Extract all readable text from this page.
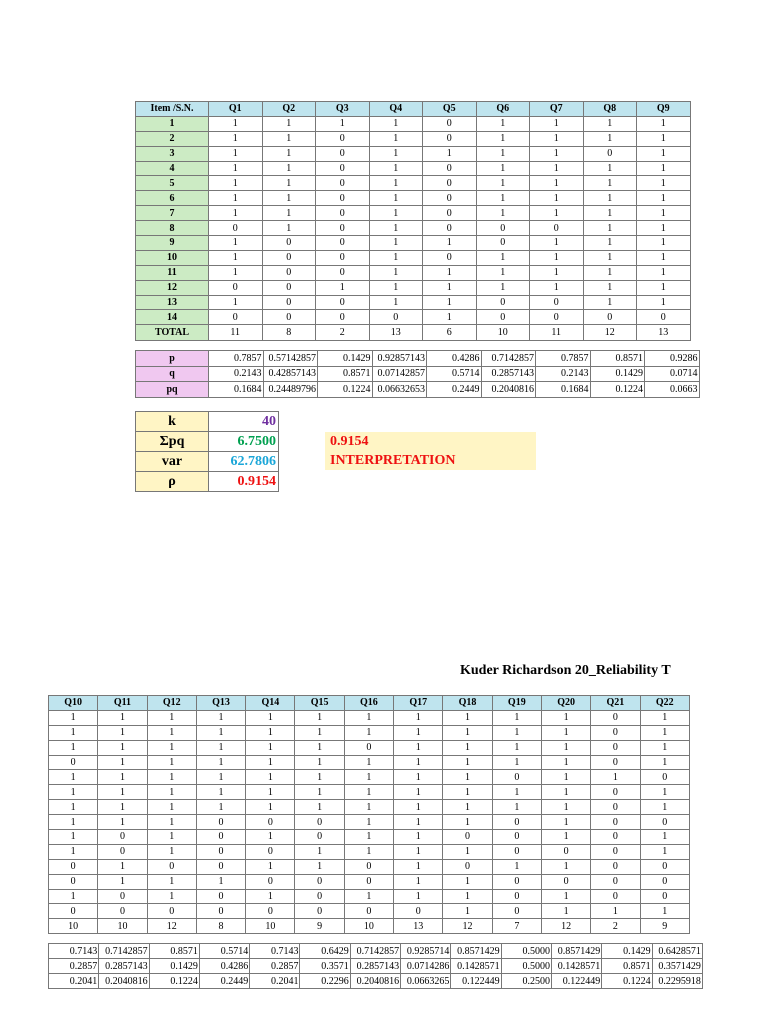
Item /S.N.	Q1	Q2	Q3	Q4	Q5	Q6	Q7	Q8	Q9
1	1	1	1	1	0	1	1	1	1
2	1	1	0	1	0	1	1	1	1
3	1	1	0	1	1	1	1	0	1
4	1	1	0	1	0	1	1	1	1
5	1	1	0	1	0	1	1	1	1
6	1	1	0	1	0	1	1	1	1
7	1	1	0	1	0	1	1	1	1
8	0	1	0	1	0	0	0	1	1
9	1	0	0	1	1	0	1	1	1
10	1	0	0	1	0	1	1	1	1
11	1	0	0	1	1	1	1	1	1
12	0	0	1	1	1	1	1	1	1
13	1	0	0	1	1	0	0	1	1
14	0	0	0	0	1	0	0	0	0
TOTAL	11	8	2	13	6	10	11	12	13
p	0.7857	0.57142857	0.1429	0.92857143	0.4286	0.7142857	0.7857	0.8571	0.9286
q	0.2143	0.42857143	0.8571	0.07142857	0.5714	0.2857143	0.2143	0.1429	0.0714
pq	0.1684	0.24489796	0.1224	0.06632653	0.2449	0.2040816	0.1684	0.1224	0.0663
k	40
Σpq	6.7500
var	62.7806
ρ	0.9154
0.9154
INTERPRETATION
Kuder Richardson 20_Reliability T
Q10	Q11	Q12	Q13	Q14	Q15	Q16	Q17	Q18	Q19	Q20	Q21	Q22
1	1	1	1	1	1	1	1	1	1	1	0	1
1	1	1	1	1	1	1	1	1	1	1	0	1
1	1	1	1	1	1	0	1	1	1	1	0	1
0	1	1	1	1	1	1	1	1	1	1	0	1
1	1	1	1	1	1	1	1	1	0	1	1	0
1	1	1	1	1	1	1	1	1	1	1	0	1
1	1	1	1	1	1	1	1	1	1	1	0	1
1	1	1	0	0	0	1	1	1	0	1	0	0
1	0	1	0	1	0	1	1	0	0	1	0	1
1	0	1	0	0	1	1	1	1	0	0	0	1
0	1	0	0	1	1	0	1	0	1	1	0	0
0	1	1	1	0	0	0	1	1	0	0	0	0
1	0	1	0	1	0	1	1	1	0	1	0	0
0	0	0	0	0	0	0	0	1	0	1	1	1
10	10	12	8	10	9	10	13	12	7	12	2	9
0.7143	0.7142857	0.8571	0.5714	0.7143	0.6429	0.7142857	0.9285714	0.8571429	0.5000	0.8571429	0.1429	0.6428571
0.2857	0.2857143	0.1429	0.4286	0.2857	0.3571	0.2857143	0.0714286	0.1428571	0.5000	0.1428571	0.8571	0.3571429
0.2041	0.2040816	0.1224	0.2449	0.2041	0.2296	0.2040816	0.0663265	0.122449	0.2500	0.122449	0.1224	0.2295918
